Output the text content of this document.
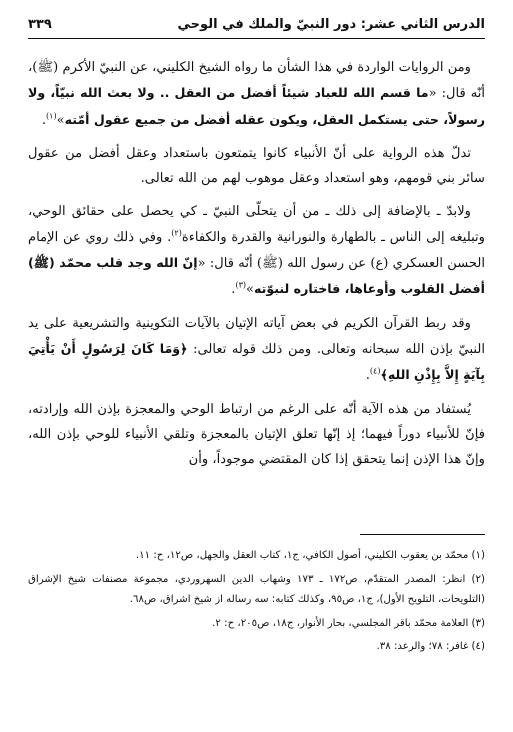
الدرس الثاني عشر: دور النبيّ والملك في الوحي
٣٣٩

ومن الروايات الواردة في هذا الشأن ما رواه الشيخ الكليني، عن النبيّ الأكرم (ﷺ)، أنّه قال: «ما قسم الله للعباد شيئاً أفضل من العقل .. ولا بعث الله نبيّاً، ولا رسولاً، حتى يستكمل العقل، ويكون عقله أفضل من جميع عقول أمّته»$^{(١)}$.

تدلّ هذه الرواية على أنّ الأنبياء كانوا يتمتعون باستعداد وعقل أفضل من عقول سائر بني قومهم، وهو استعداد وعقل موهوب لهم من الله تعالى.

ولابدّ ـ بالإضافة إلى ذلك ـ من أن يتحلّى النبيّ ـ كي يحصل على حقائق الوحي، وتبليغه إلى الناس ـ بالطهارة والنورانية والقدرة والكفاءة$^{(٢)}$. وفي ذلك روي عن الإمام الحسن العسكري (ع) عن رسول الله (ﷺ) أنّه قال: «إنّ الله وجد قلب محمّد (ﷺ) أفضل القلوب وأوعاها، فاختاره لنبوّته»$^{(٣)}$.

وقد ربط القرآن الكريم في بعض آياته الإتيان بالآيات التكوينية والتشريعية على يد النبيّ بإذن الله سبحانه وتعالى. ومن ذلك قوله تعالى: ﴿وَمَا كَانَ لِرَسُولٍ أَنْ يَأْتِيَ بِآيَةٍ إِلاَّ بِإِذْنِ اللهِ﴾$^{(٤)}$.

يُستفاد من هذه الآية أنّه على الرغم من ارتباط الوحي والمعجزة بإذن الله وإرادته، فإنّ للأنبياء دوراً فيهما؛ إذ إنّها تعلق الإتيان بالمعجزة وتلقي الأنبياء للوحي بإذن الله، وإنّ هذا الإذن إنما يتحقق إذا كان المقتضي موجوداً، وأن

(١) محمّد بن يعقوب الكليني، أصول الكافي، ج١، كتاب العقل والجهل، ص١٢، ح: ١١.

(٢) انظر: المصدر المتقدّم، ص١٧٢ ـ ١٧٣ وشهاب الدين السهروردي، مجموعة مصنفات شيخ الإشراق (التلويحات، التلويح الأول)، ج١، ص٩٥، وكذلك كتابه: سه رساله از شيخ اشراق، ص٦٨.

(٣) العلامة محمّد باقر المجلسي، بحار الأنوار، ج١٨، ص٢٠٥، ح: ٢.

(٤) غافر: ٧٨؛ والرعد: ٣٨.
